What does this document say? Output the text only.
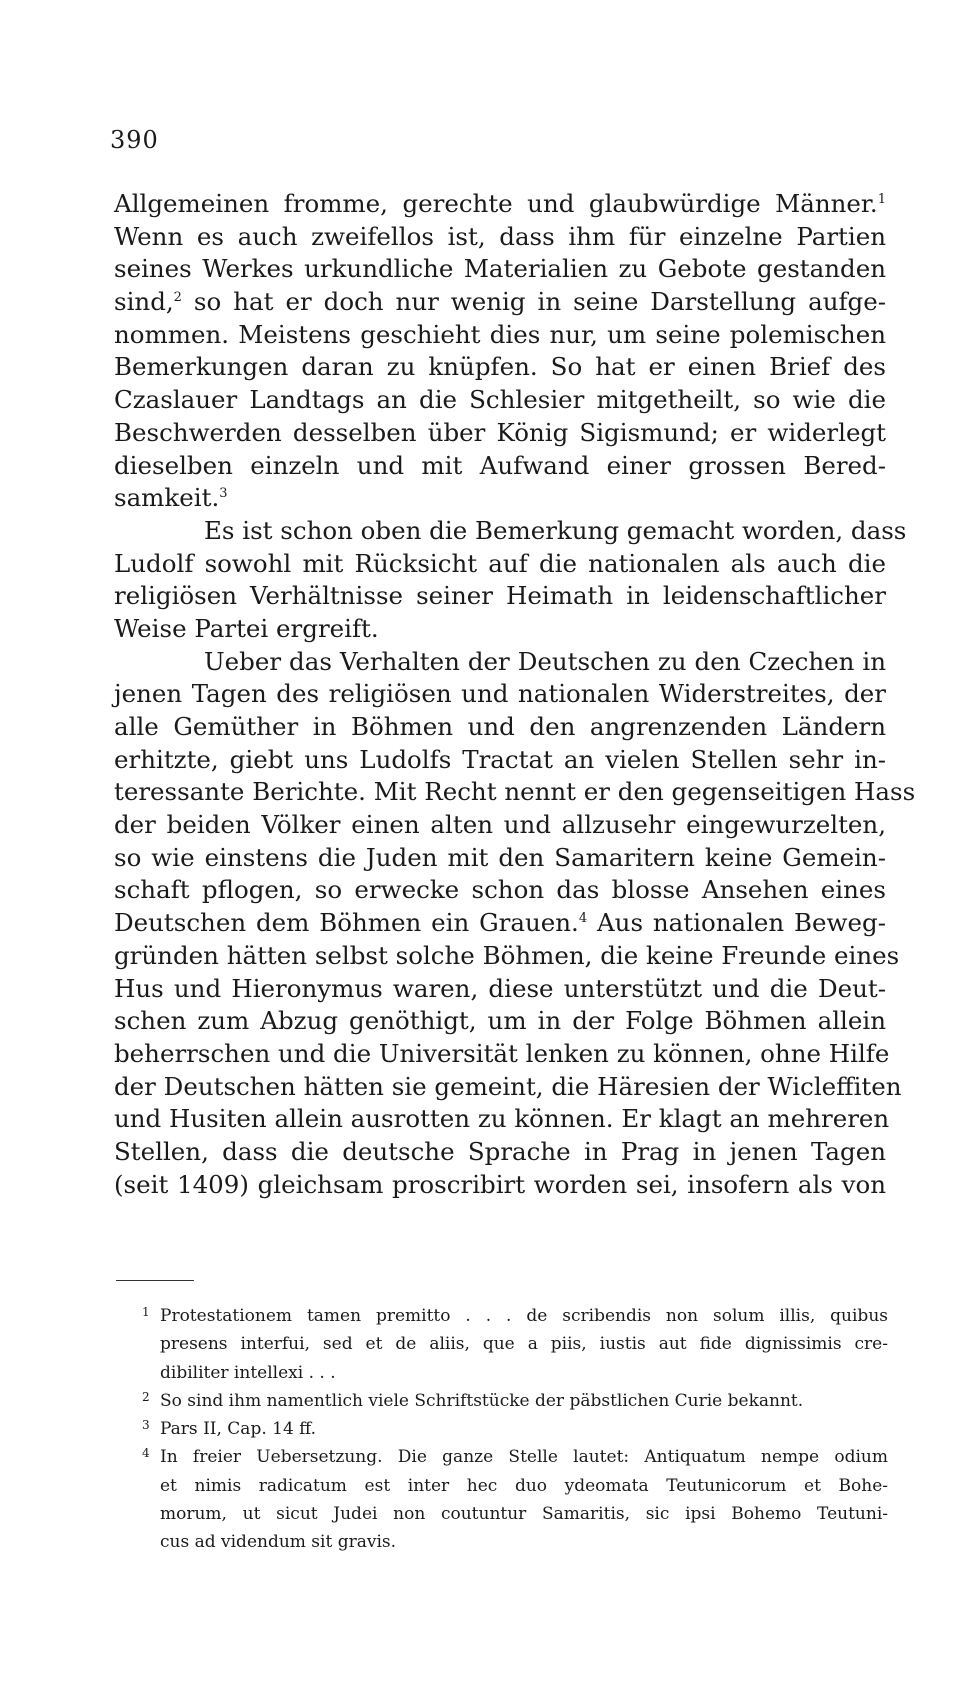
390
Allgemeinen fromme, gerechte und glaubwürdige Männer.$^1$
Wenn es auch zweifellos ist, dass ihm für einzelne Partien
seines Werkes urkundliche Materialien zu Gebote gestanden
sind,$^2$ so hat er doch nur wenig in seine Darstellung aufge-
nommen. Meistens geschieht dies nur, um seine polemischen
Bemerkungen daran zu knüpfen. So hat er einen Brief des
Czaslauer Landtags an die Schlesier mitgetheilt, so wie die
Beschwerden desselben über König Sigismund; er widerlegt
dieselben einzeln und mit Aufwand einer grossen Bered-
samkeit.$^3$
Es ist schon oben die Bemerkung gemacht worden, dass
Ludolf sowohl mit Rücksicht auf die nationalen als auch die
religiösen Verhältnisse seiner Heimath in leidenschaftlicher
Weise Partei ergreift.
Ueber das Verhalten der Deutschen zu den Czechen in
jenen Tagen des religiösen und nationalen Widerstreites, der
alle Gemüther in Böhmen und den angrenzenden Ländern
erhitzte, giebt uns Ludolfs Tractat an vielen Stellen sehr in-
teressante Berichte. Mit Recht nennt er den gegenseitigen Hass
der beiden Völker einen alten und allzusehr eingewurzelten,
so wie einstens die Juden mit den Samaritern keine Gemein-
schaft pflogen, so erwecke schon das blosse Ansehen eines
Deutschen dem Böhmen ein Grauen.$^4$ Aus nationalen Beweg-
gründen hätten selbst solche Böhmen, die keine Freunde eines
Hus und Hieronymus waren, diese unterstützt und die Deut-
schen zum Abzug genöthigt, um in der Folge Böhmen allein
beherrschen und die Universität lenken zu können, ohne Hilfe
der Deutschen hätten sie gemeint, die Häresien der Wicleffiten
und Husiten allein ausrotten zu können. Er klagt an mehreren
Stellen, dass die deutsche Sprache in Prag in jenen Tagen
(seit 1409) gleichsam proscribirt worden sei, insofern als von
1 Protestationem tamen premitto . . . de scribendis non solum illis, quibus
presens interfui, sed et de aliis, que a piis, iustis aut fide dignissimis cre-
dibiliter intellexi . . .
2 So sind ihm namentlich viele Schriftstücke der päbstlichen Curie bekannt.
3 Pars II, Cap. 14 ff.
4 In freier Uebersetzung. Die ganze Stelle lautet: Antiquatum nempe odium
et nimis radicatum est inter hec duo ydeomata Teutunicorum et Bohe-
morum, ut sicut Judei non coutuntur Samaritis, sic ipsi Bohemo Teutuni-
cus ad videndum sit gravis.
